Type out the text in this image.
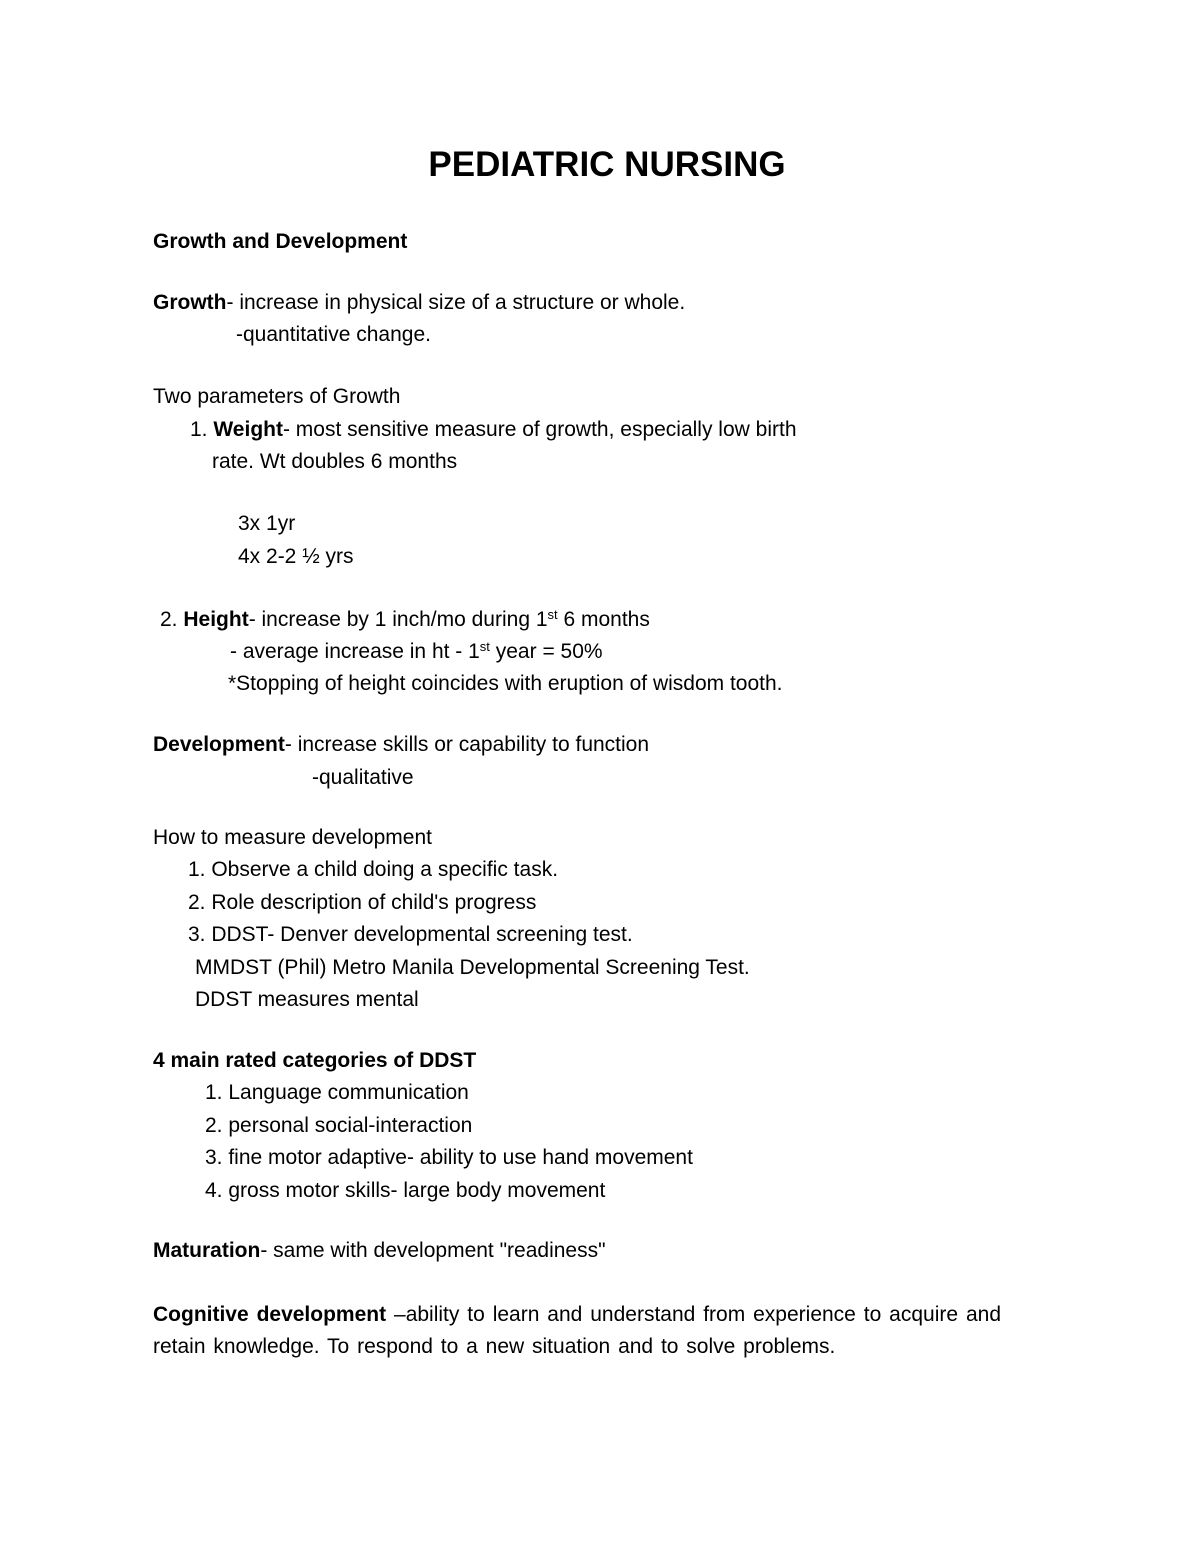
PEDIATRIC NURSING
Growth and Development
Growth- increase in physical size of a structure or whole.
-quantitative change.
Two parameters of Growth
1. Weight- most sensitive measure of growth, especially low birth
rate. Wt doubles 6 months
3x 1yr
4x 2-2 ½ yrs
2. Height- increase by 1 inch/mo during 1st 6 months
- average increase in ht - 1st year = 50%
*Stopping of height coincides with eruption of wisdom tooth.
Development- increase skills or capability to function
-qualitative
How to measure development
1. Observe a child doing a specific task.
2. Role description of child's progress
3. DDST- Denver developmental screening test.
MMDST (Phil) Metro Manila Developmental Screening Test.
DDST measures mental
4 main rated categories of DDST
1. Language communication
2. personal social-interaction
3. fine motor adaptive- ability to use hand movement
4. gross motor skills- large body movement
Maturation- same with development "readiness"
Cognitive development –ability to learn and understand from experience to acquire and retain knowledge. To respond to a new situation and to solve problems.
